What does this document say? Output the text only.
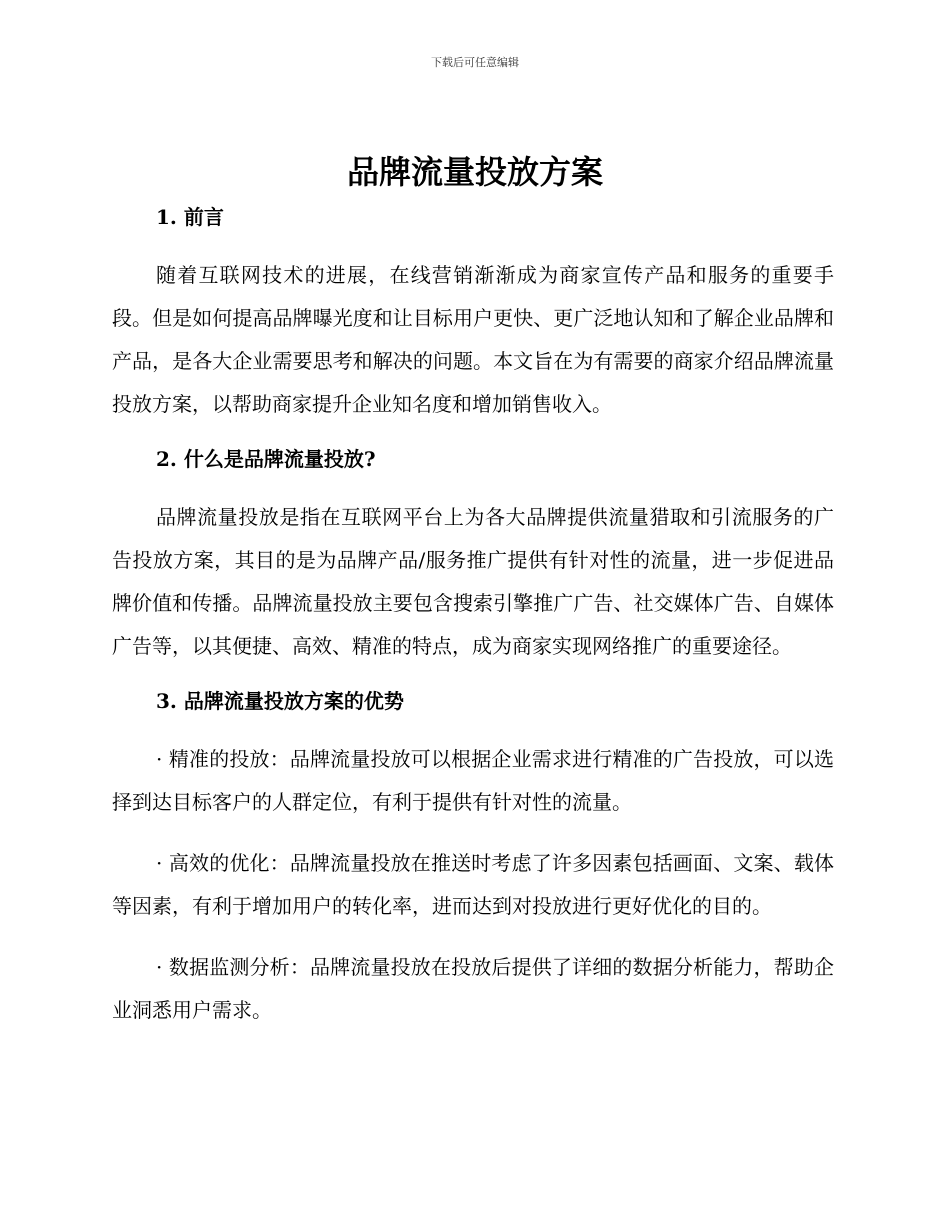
下载后可任意编辑
品牌流量投放方案
1. 前言

随着互联网技术的进展，在线营销渐渐成为商家宣传产品和服务的重要手段。但是如何提高品牌曝光度和让目标用户更快、更广泛地认知和了解企业品牌和产品，是各大企业需要思考和解决的问题。本文旨在为有需要的商家介绍品牌流量投放方案，以帮助商家提升企业知名度和增加销售收入。

2. 什么是品牌流量投放?

品牌流量投放是指在互联网平台上为各大品牌提供流量猎取和引流服务的广告投放方案，其目的是为品牌产品/服务推广提供有针对性的流量，进一步促进品牌价值和传播。品牌流量投放主要包含搜索引擎推广广告、社交媒体广告、自媒体广告等，以其便捷、高效、精准的特点，成为商家实现网络推广的重要途径。

3. 品牌流量投放方案的优势

· 精准的投放：品牌流量投放可以根据企业需求进行精准的广告投放，可以选择到达目标客户的人群定位，有利于提供有针对性的流量。

· 高效的优化：品牌流量投放在推送时考虑了许多因素包括画面、文案、载体等因素，有利于增加用户的转化率，进而达到对投放进行更好优化的目的。

· 数据监测分析：品牌流量投放在投放后提供了详细的数据分析能力，帮助企业洞悉用户需求。
